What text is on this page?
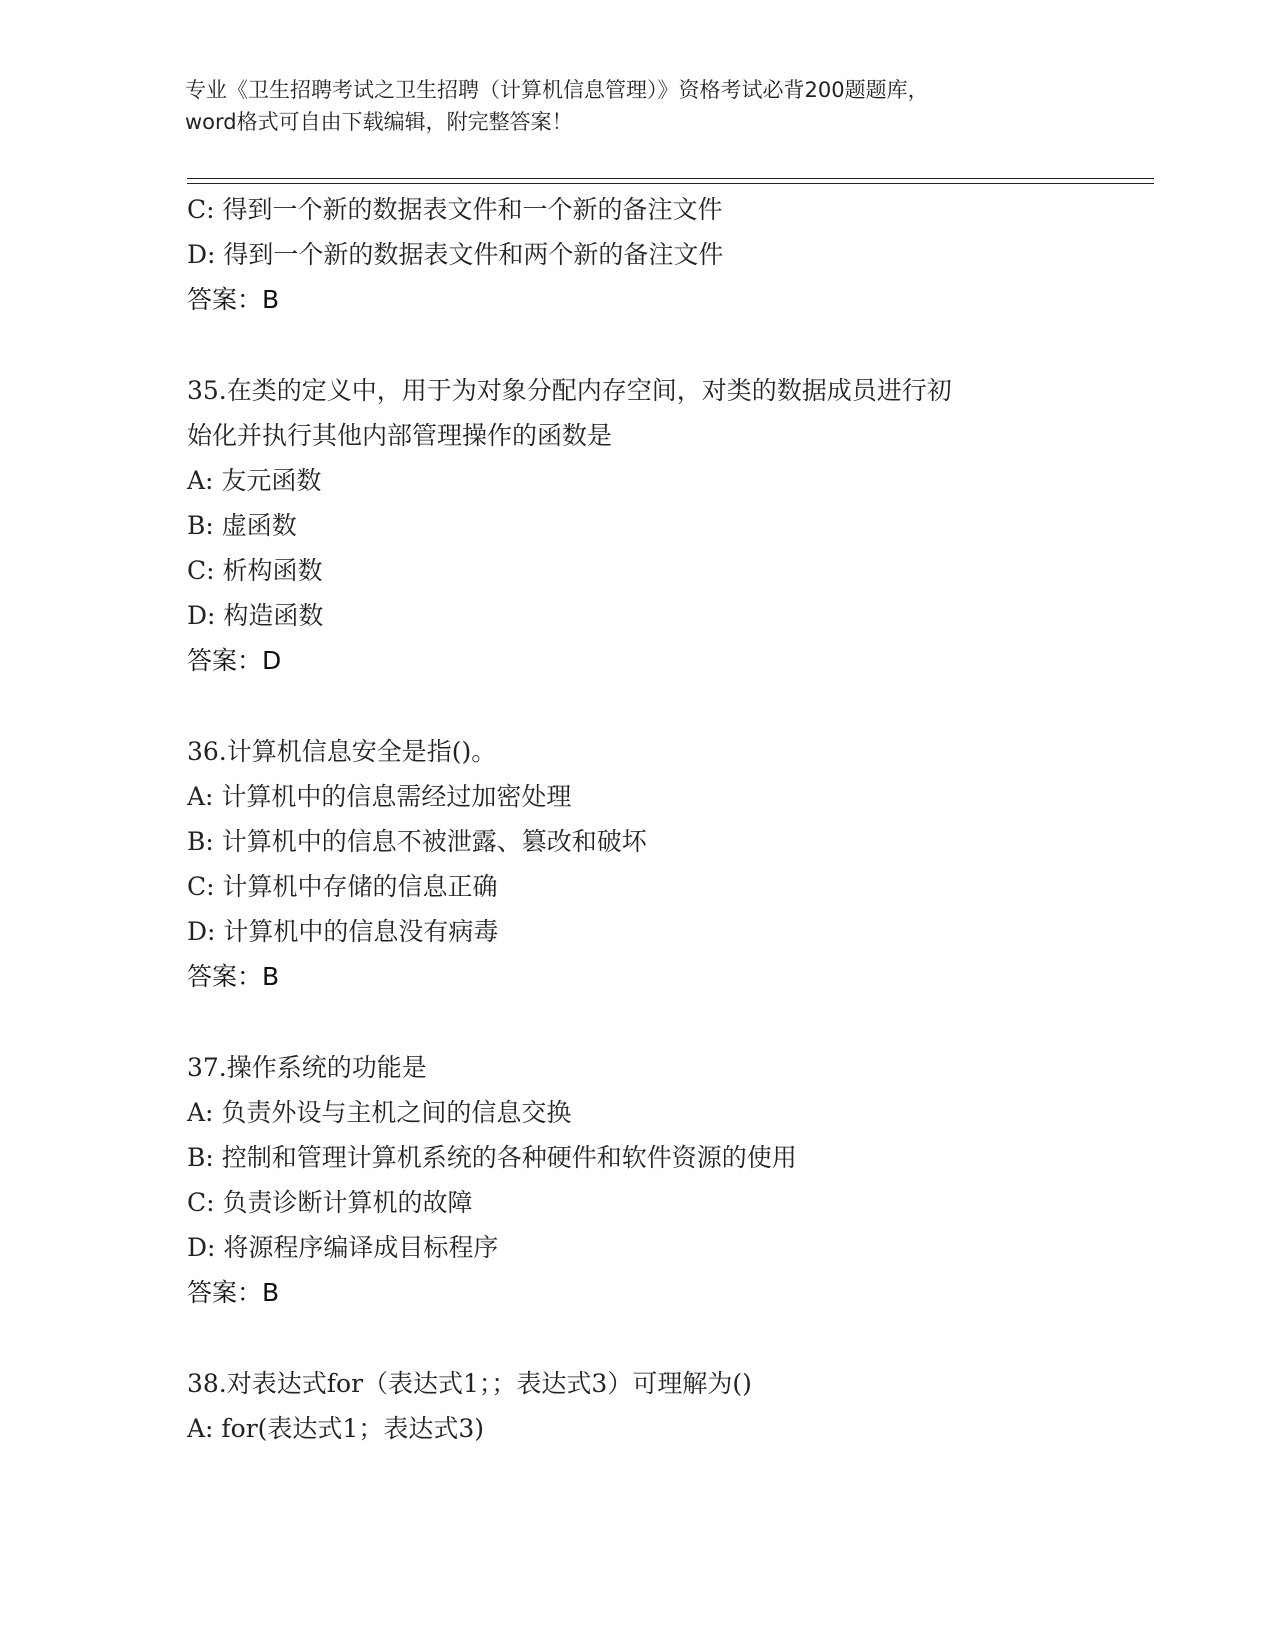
专业《卫生招聘考试之卫生招聘（计算机信息管理）》资格考试必背200题题库，
word格式可自由下载编辑，附完整答案！
C: 得到一个新的数据表文件和一个新的备注文件
D: 得到一个新的数据表文件和两个新的备注文件
答案：B
35.在类的定义中，用于为对象分配内存空间，对类的数据成员进行初
始化并执行其他内部管理操作的函数是
A: 友元函数
B: 虚函数
C: 析构函数
D: 构造函数
答案：D
36.计算机信息安全是指()。
A: 计算机中的信息需经过加密处理
B: 计算机中的信息不被泄露、篡改和破坏
C: 计算机中存储的信息正确
D: 计算机中的信息没有病毒
答案：B
37.操作系统的功能是
A: 负责外设与主机之间的信息交换
B: 控制和管理计算机系统的各种硬件和软件资源的使用
C: 负责诊断计算机的故障
D: 将源程序编译成目标程序
答案：B
38.对表达式for（表达式1；；表达式3）可理解为()
A: for(表达式1；表达式3)
